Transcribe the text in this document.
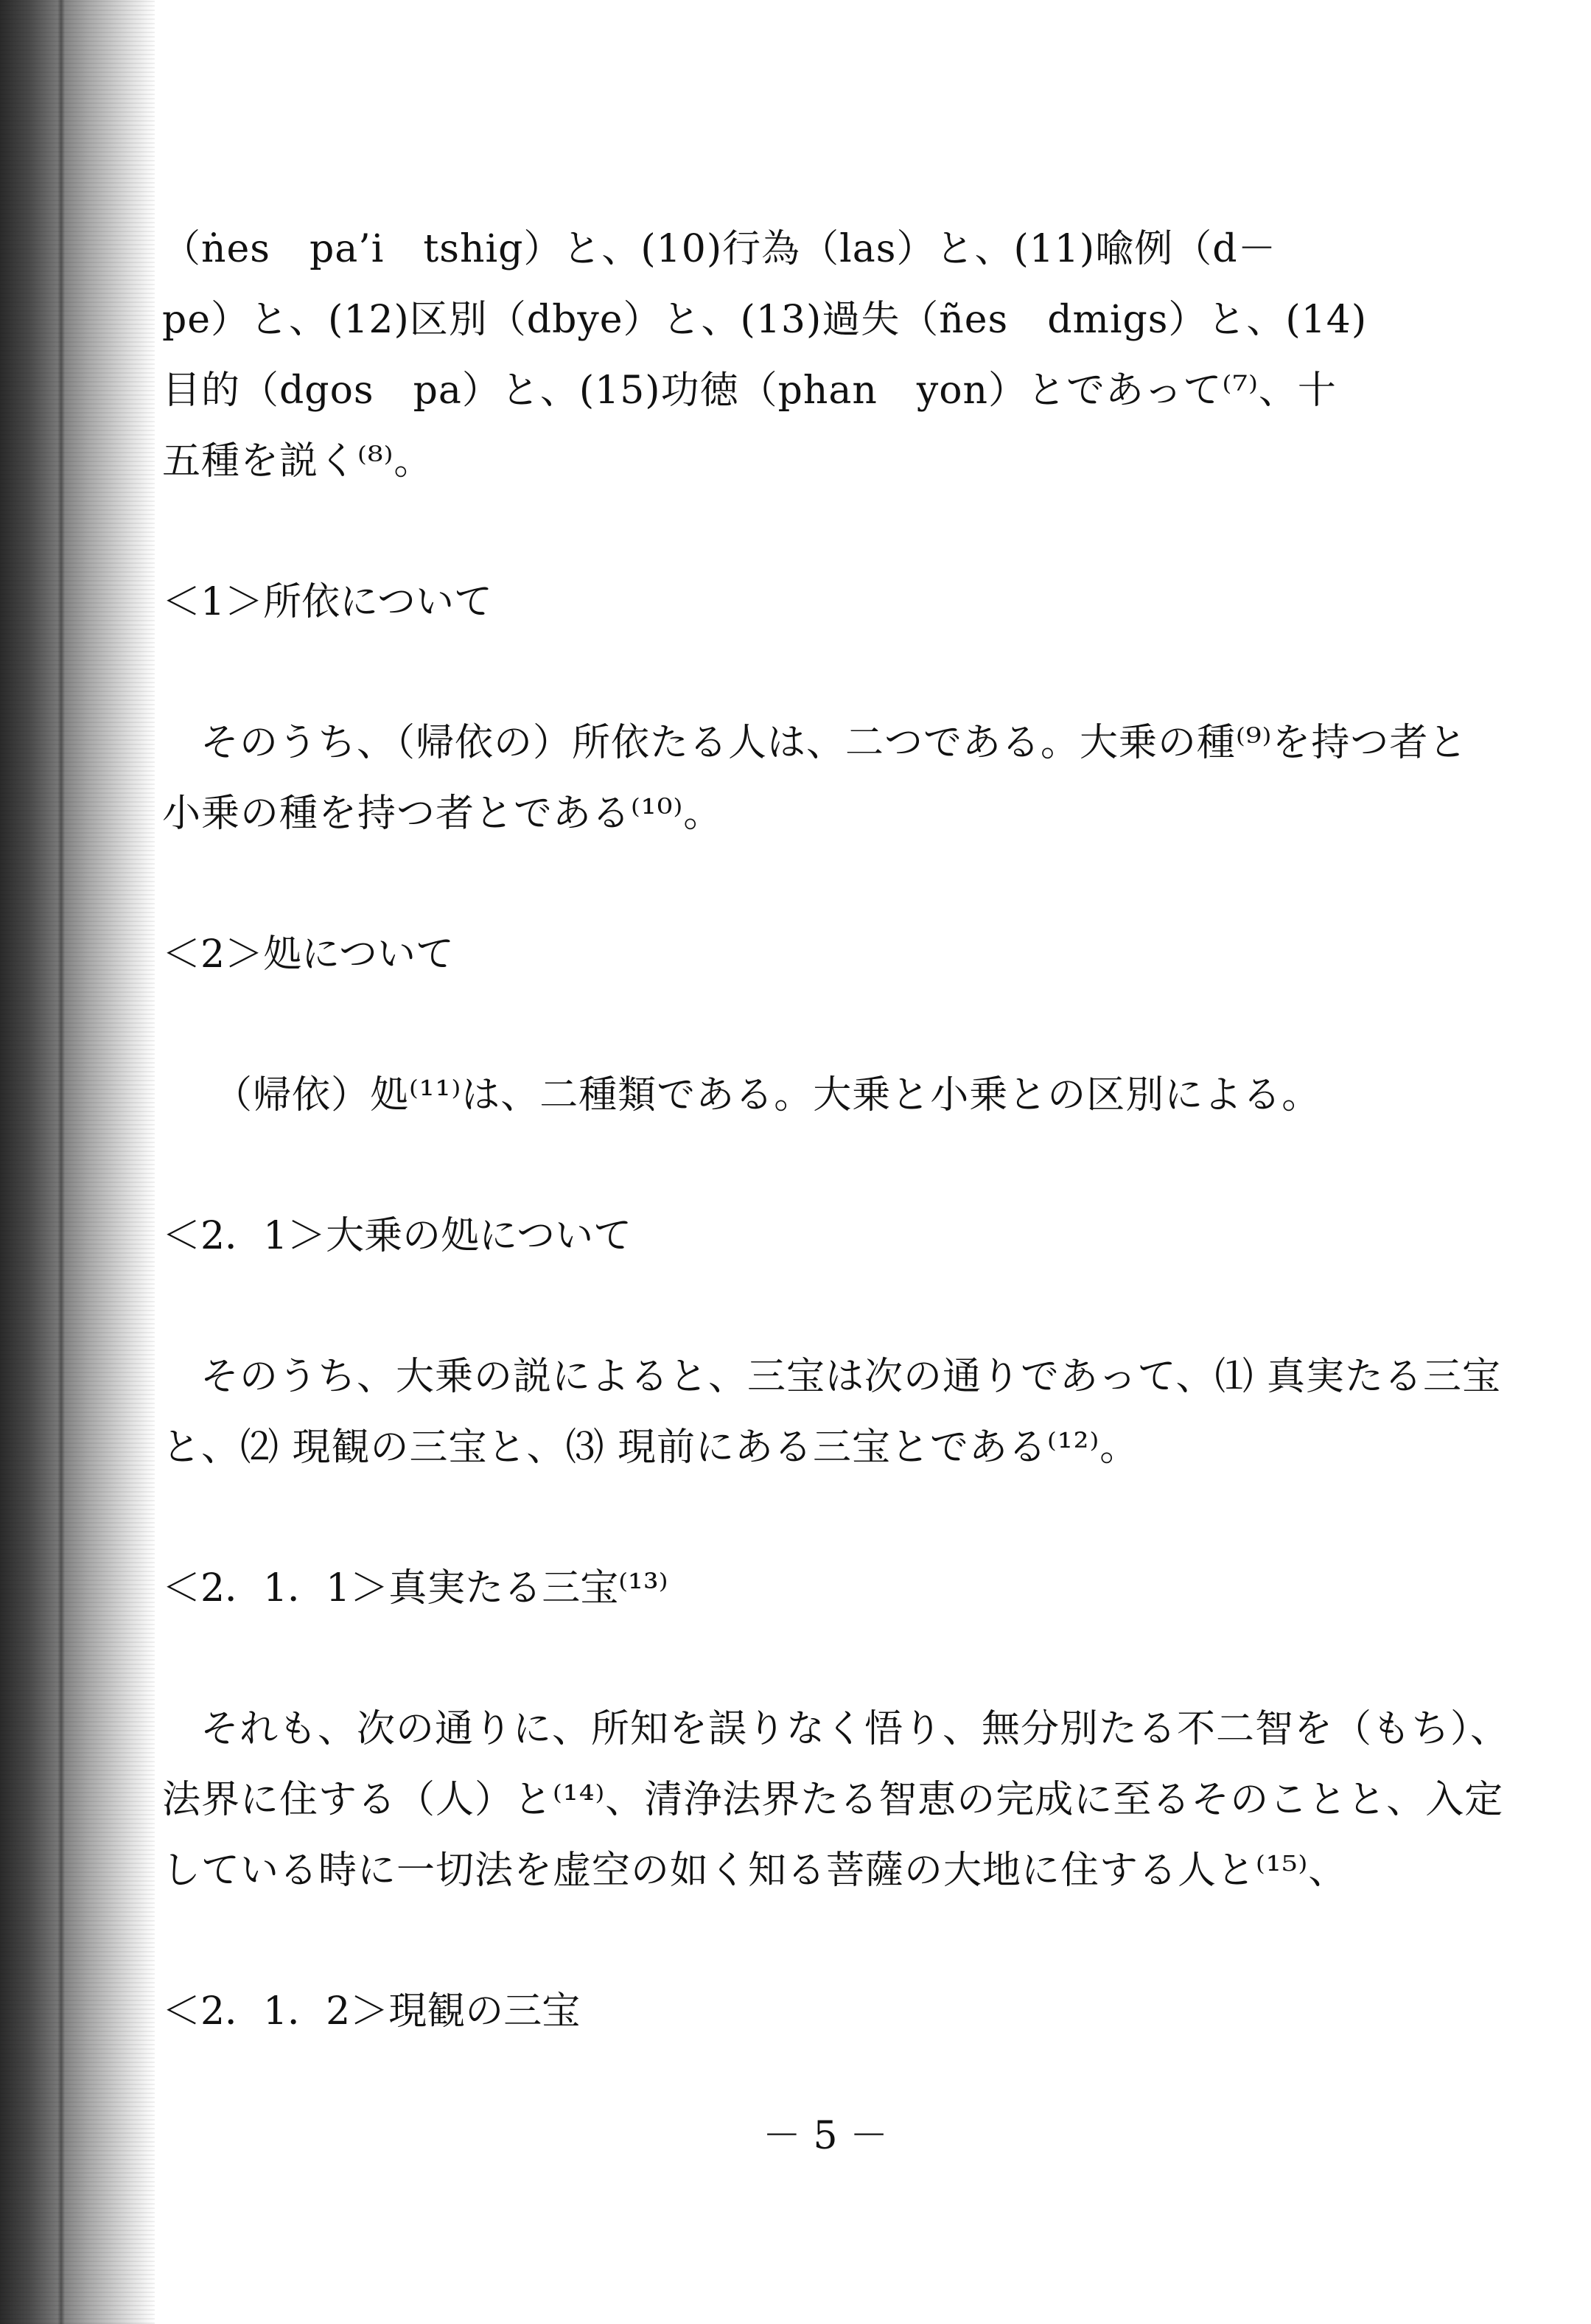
（ṅes　pa’i　tshig）と、(10)行為（las）と、(11)喩例（d－
pe）と、(12)区別（dbye）と、(13)過失（ñes　dmigs）と、(14)
目的（dgos　pa）と、(15)功徳（phan　yon）とであって⁽⁷⁾、十
五種を説く⁽⁸⁾。
＜1＞所依について
そのうち、（帰依の）所依たる人は、二つである。大乗の種⁽⁹⁾を持つ者と
小乗の種を持つ者とである⁽¹⁰⁾。
＜2＞処について
（帰依）処⁽¹¹⁾は、二種類である。大乗と小乗との区別による。
＜2．1＞大乗の処について
そのうち、大乗の説によると、三宝は次の通りであって、⑴ 真実たる三宝
と、⑵ 現観の三宝と、⑶ 現前にある三宝とである⁽¹²⁾。
＜2．1．1＞真実たる三宝⁽¹³⁾
それも、次の通りに、所知を誤りなく悟り、無分別たる不二智を（もち）、
法界に住する（人）と⁽¹⁴⁾、清浄法界たる智恵の完成に至るそのことと、入定
している時に一切法を虚空の如く知る菩薩の大地に住する人と⁽¹⁵⁾、
＜2．1．2＞現観の三宝
－ 5 －
